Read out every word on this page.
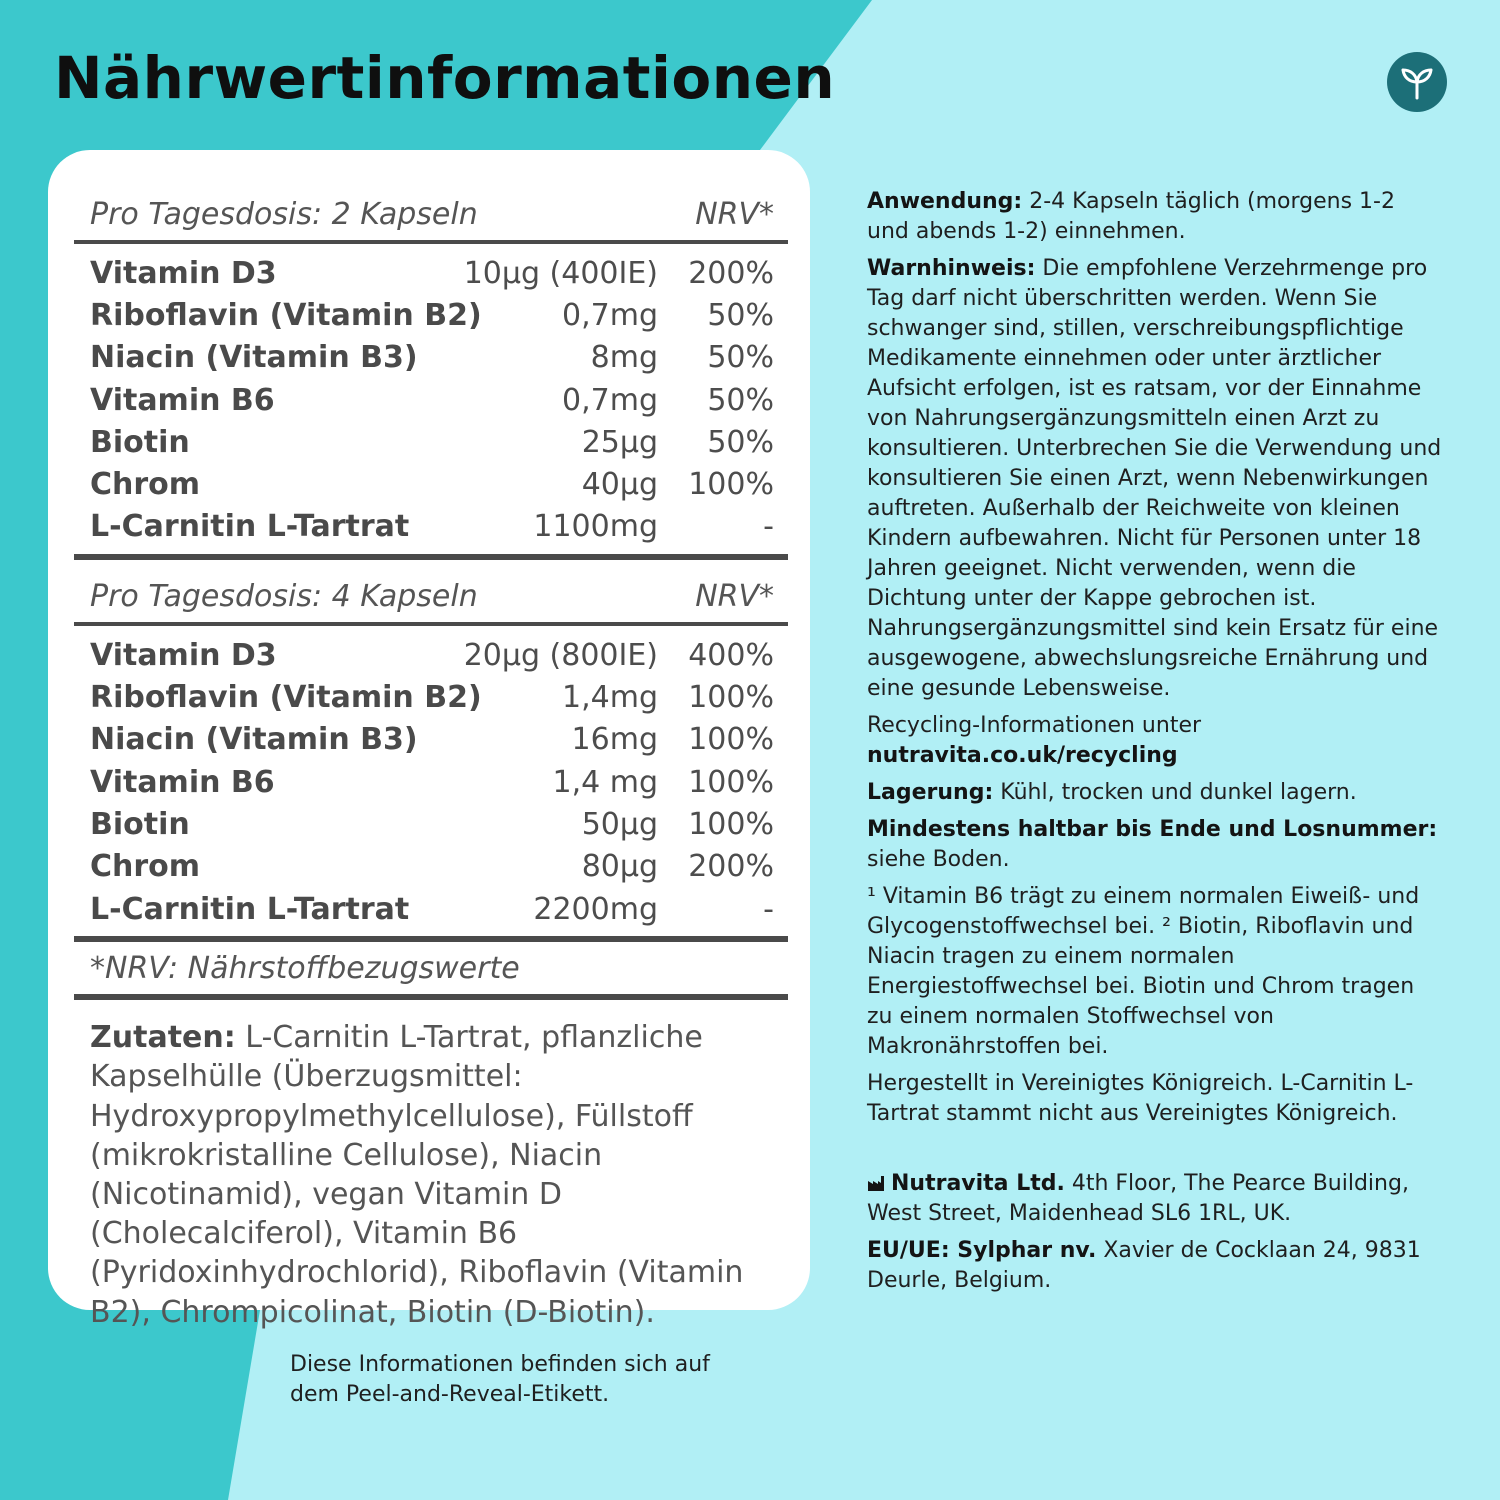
Nährwertinformationen
Pro Tagesdosis: 2 Kapseln	NRV*
Vitamin D3	10µg (400IE)	200%
Riboflavin (Vitamin B2)	0,7mg	50%
Niacin (Vitamin B3)	8mg	50%
Vitamin B6	0,7mg	50%
Biotin	25µg	50%
Chrom	40µg	100%
L-Carnitin L-Tartrat	1100mg	-
Pro Tagesdosis: 4 Kapseln	NRV*
Vitamin D3	20µg (800IE)	400%
Riboflavin (Vitamin B2)	1,4mg	100%
Niacin (Vitamin B3)	16mg	100%
Vitamin B6	1,4 mg	100%
Biotin	50µg	100%
Chrom	80µg	200%
L-Carnitin L-Tartrat	2200mg	-
*NRV: Nährstoffbezugswerte
Zutaten: L-Carnitin L-Tartrat, pflanzliche Kapselhülle (Überzugsmittel: Hydroxypropylmethylcellulose), Füllstoff (mikrokristalline Cellulose), Niacin (Nicotinamid), vegan Vitamin D (Cholecalciferol), Vitamin B6 (Pyridoxinhydrochlorid), Riboflavin (Vitamin B2), Chrompicolinat, Biotin (D-Biotin).
Diese Informationen befinden sich auf dem Peel-and-Reveal-Etikett.

Anwendung: 2-4 Kapseln täglich (morgens 1-2 und abends 1-2) einnehmen.

Warnhinweis: Die empfohlene Verzehrmenge pro Tag darf nicht überschritten werden. Wenn Sie schwanger sind, stillen, verschreibungspflichtige Medikamente einnehmen oder unter ärztlicher Aufsicht erfolgen, ist es ratsam, vor der Einnahme von Nahrungsergänzungsmitteln einen Arzt zu konsultieren. Unterbrechen Sie die Verwendung und konsultieren Sie einen Arzt, wenn Nebenwirkungen auftreten. Außerhalb der Reichweite von kleinen Kindern aufbewahren. Nicht für Personen unter 18 Jahren geeignet. Nicht verwenden, wenn die Dichtung unter der Kappe gebrochen ist. Nahrungsergänzungsmittel sind kein Ersatz für eine ausgewogene, abwechslungsreiche Ernährung und eine gesunde Lebensweise.

Recycling-Informationen unter
nutravita.co.uk/recycling

Lagerung: Kühl, trocken und dunkel lagern.

Mindestens haltbar bis Ende und Losnummer:
siehe Boden.

¹ Vitamin B6 trägt zu einem normalen Eiweiß- und Glycogenstoffwechsel bei. ² Biotin, Riboflavin und Niacin tragen zu einem normalen Energiestoffwechsel bei. Biotin und Chrom tragen zu einem normalen Stoffwechsel von Makronährstoffen bei.

Hergestellt in Vereinigtes Königreich. L-Carnitin L-Tartrat stammt nicht aus Vereinigtes Königreich.

Nutravita Ltd. 4th Floor, The Pearce Building, West Street, Maidenhead SL6 1RL, UK.

EU/UE: Sylphar nv. Xavier de Cocklaan 24, 9831 Deurle, Belgium.
